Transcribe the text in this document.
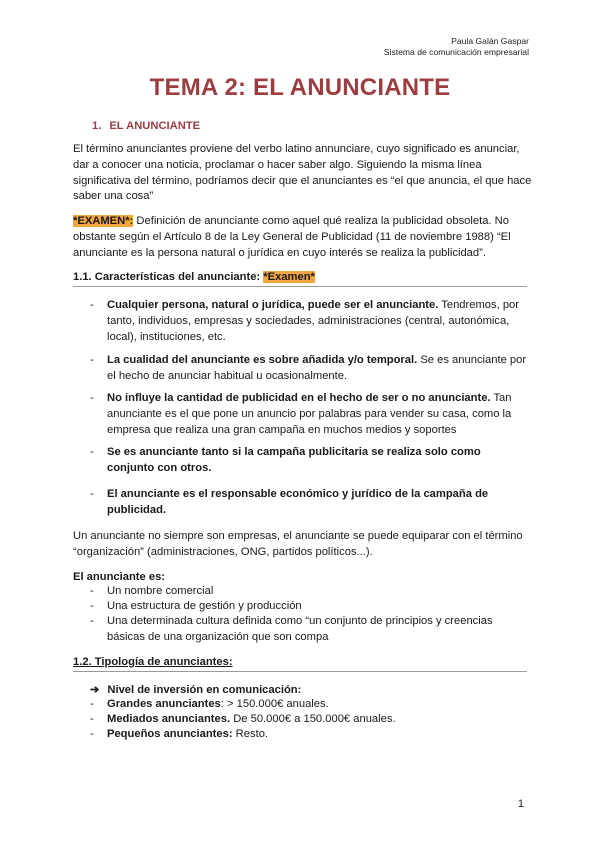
Paula Galán Gaspar
Sistema de comunicación empresarial
TEMA 2: EL ANUNCIANTE
1. EL ANUNCIANTE
El término anunciantes proviene del verbo latino annunciare, cuyo significado es anunciar, dar a conocer una noticia, proclamar o hacer saber algo. Siguiendo la misma línea significativa del término, podríamos decir que el anunciantes es “el que anuncia, el que hace saber una cosa”
*EXAMEN*: Definición de anunciante como aquel qué realiza la publicidad obsoleta. No obstante según el Artículo 8 de la Ley General de Publicidad (11 de noviembre 1988) “El anunciante es la persona natural o jurídica en cuyo interés se realiza la publicidad”.
1.1. Características del anunciante: *Examen*
- Cualquier persona, natural o jurídica, puede ser el anunciante. Tendremos, por tanto, individuos, empresas y sociedades, administraciones (central, autonómica, local), instituciones, etc.
- La cualidad del anunciante es sobre añadida y/o temporal. Se es anunciante por el hecho de anunciar habitual u ocasionalmente.
- No influye la cantidad de publicidad en el hecho de ser o no anunciante. Tan anunciante es el que pone un anuncio por palabras para vender su casa, como la empresa que realiza una gran campaña en muchos medios y soportes
- Se es anunciante tanto si la campaña publicitaria se realiza solo como conjunto con otros.
- El anunciante es el responsable económico y jurídico de la campaña de publicidad.
Un anunciante no siempre son empresas, el anunciante se puede equiparar con el término “organización” (administraciones, ONG, partidos políticos...).
El anunciante es:
- Un nombre comercial
- Una estructura de gestión y producción
- Una determinada cultura definida como “un conjunto de principios y creencias básicas de una organización que son compa
1.2. Tipología de anunciantes:
➔ Nivel de inversión en comunicación:
- Grandes anunciantes: > 150.000€ anuales.
- Mediados anunciantes. De 50.000€ a 150.000€ anuales.
- Pequeños anunciantes: Resto.
1
